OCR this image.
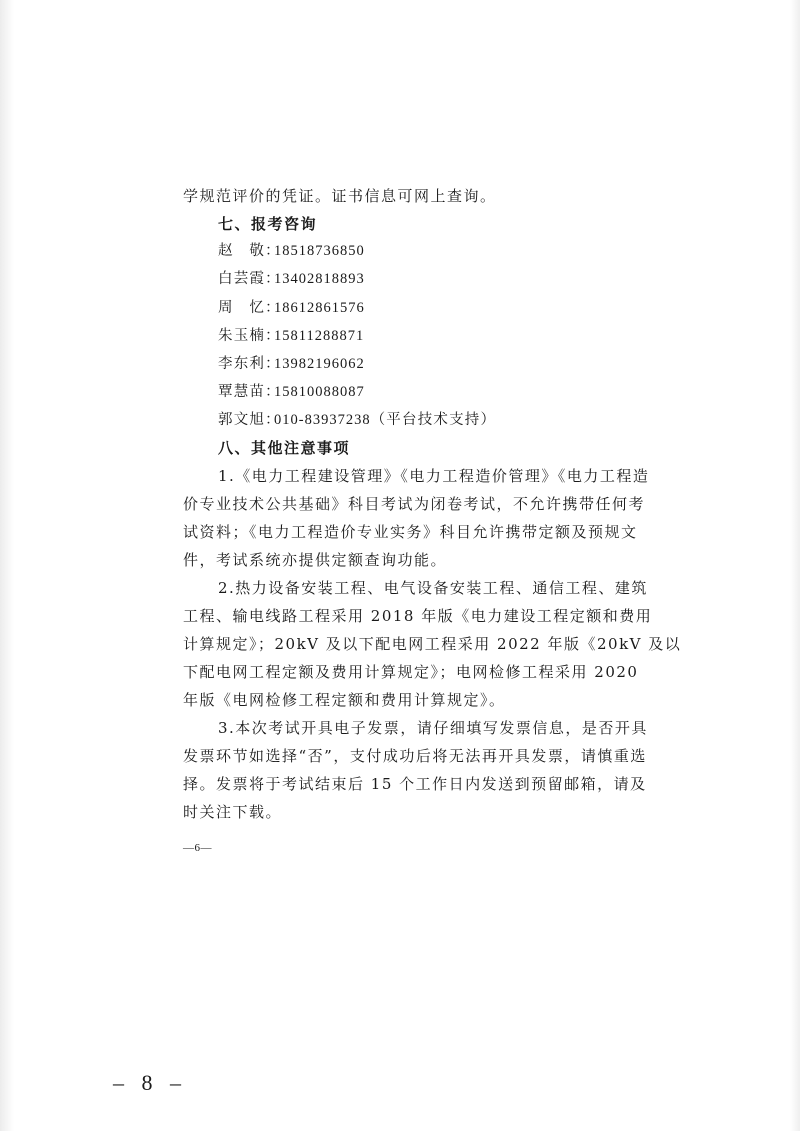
学规范评价的凭证。证书信息可网上查询。
七、报考咨询
赵　敬：18518736850
白芸霞：13402818893
周　忆：18612861576
朱玉楠：15811288871
李东利：13982196062
覃慧苗：15810088087
郭文旭：010-83937238（平台技术支持）
八、其他注意事项
1.《电力工程建设管理》《电力工程造价管理》《电力工程造
价专业技术公共基础》科目考试为闭卷考试，不允许携带任何考
试资料；《电力工程造价专业实务》科目允许携带定额及预规文
件，考试系统亦提供定额查询功能。
2.热力设备安装工程、电气设备安装工程、通信工程、建筑
工程、输电线路工程采用 2018 年版《电力建设工程定额和费用
计算规定》；20kV 及以下配电网工程采用 2022 年版《20kV 及以
下配电网工程定额及费用计算规定》；电网检修工程采用 2020
年版《电网检修工程定额和费用计算规定》。
3.本次考试开具电子发票，请仔细填写发票信息，是否开具
发票环节如选择“否”，支付成功后将无法再开具发票，请慎重选
择。发票将于考试结束后 15 个工作日内发送到预留邮箱，请及
时关注下载。
—6—
– 8 –
